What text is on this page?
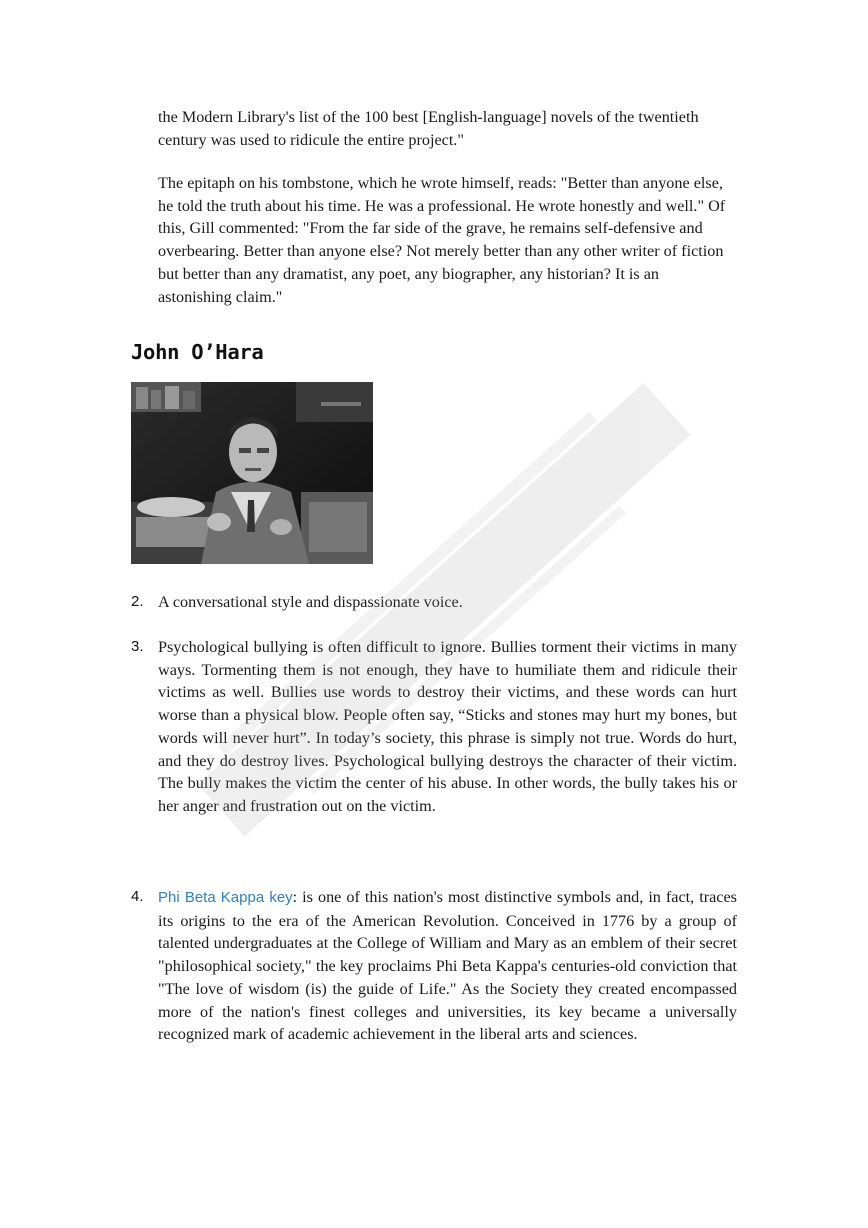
the Modern Library's list of the 100 best [English-language] novels of the twentieth century was used to ridicule the entire project."

The epitaph on his tombstone, which he wrote himself, reads: "Better than anyone else, he told the truth about his time. He was a professional. He wrote honestly and well." Of this, Gill commented: "From the far side of the grave, he remains self-defensive and overbearing. Better than anyone else? Not merely better than any other writer of fiction but better than any dramatist, any poet, any biographer, any historian? It is an astonishing claim."

John O’Hara
2. A conversational style and dispassionate voice.
3. Psychological bullying is often difficult to ignore. Bullies torment their victims in many ways. Tormenting them is not enough, they have to humiliate them and ridicule their victims as well. Bullies use words to destroy their victims, and these words can hurt worse than a physical blow. People often say, “Sticks and stones may hurt my bones, but words will never hurt”. In today’s society, this phrase is simply not true. Words do hurt, and they do destroy lives. Psychological bullying destroys the character of their victim. The bully makes the victim the center of his abuse. In other words, the bully takes his or her anger and frustration out on the victim.
4. Phi Beta Kappa key: is one of this nation's most distinctive symbols and, in fact, traces its origins to the era of the American Revolution. Conceived in 1776 by a group of talented undergraduates at the College of William and Mary as an emblem of their secret "philosophical society," the key proclaims Phi Beta Kappa's centuries-old conviction that "The love of wisdom (is) the guide of Life." As the Society they created encompassed more of the nation's finest colleges and universities, its key became a universally recognized mark of academic achievement in the liberal arts and sciences.
